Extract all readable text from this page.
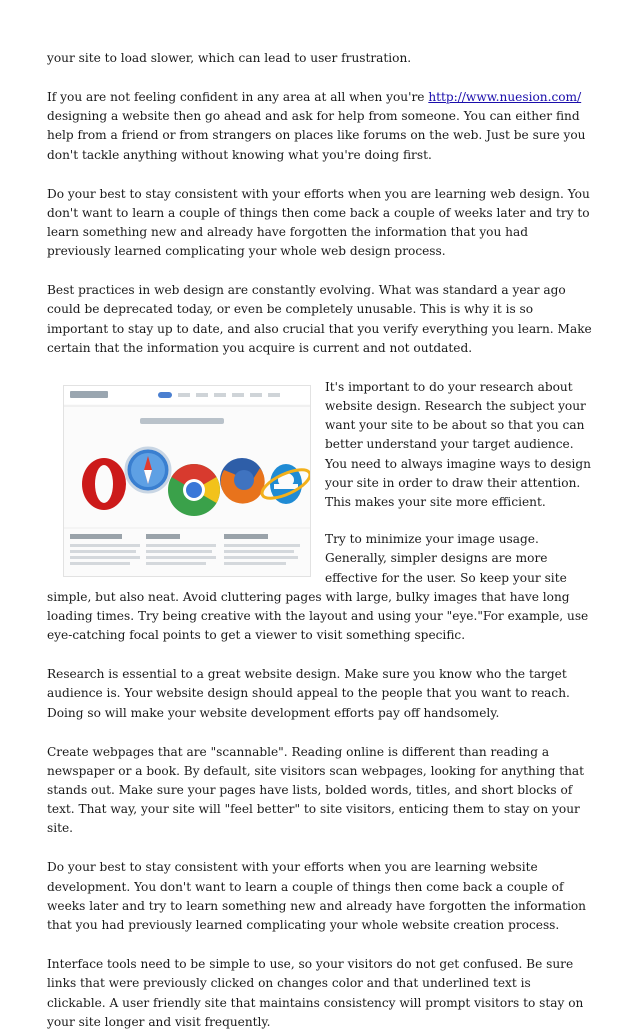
your site to load slower, which can lead to user frustration.

If you are not feeling confident in any area at all when you're http://www.nuesion.com/ designing a website then go ahead and ask for help from someone. You can either find help from a friend or from strangers on places like forums on the web. Just be sure you don't tackle anything without knowing what you're doing first.

Do your best to stay consistent with your efforts when you are learning web design. You don't want to learn a couple of things then come back a couple of weeks later and try to learn something new and already have forgotten the information that you had previously learned complicating your whole web design process.

Best practices in web design are constantly evolving. What was standard a year ago could be deprecated today, or even be completely unusable. This is why it is so important to stay up to date, and also crucial that you verify everything you learn. Make certain that the information you acquire is current and not outdated.

It's important to do your research about website design. Research the subject your want your site to be about so that you can better understand your target audience. You need to always imagine ways to design your site in order to draw their attention. This makes your site more efficient.

Try to minimize your image usage. Generally, simpler designs are more effective for the user. So keep your site simple, but also neat. Avoid cluttering pages with large, bulky images that have long loading times. Try being creative with the layout and using your "eye."For example, use eye-catching focal points to get a viewer to visit something specific.

Research is essential to a great website design. Make sure you know who the target audience is. Your website design should appeal to the people that you want to reach. Doing so will make your website development efforts pay off handsomely.

Create webpages that are "scannable". Reading online is different than reading a newspaper or a book. By default, site visitors scan webpages, looking for anything that stands out. Make sure your pages have lists, bolded words, titles, and short blocks of text. That way, your site will "feel better" to site visitors, enticing them to stay on your site.

Do your best to stay consistent with your efforts when you are learning website development. You don't want to learn a couple of things then come back a couple of weeks later and try to learn something new and already have forgotten the information that you had previously learned complicating your whole website creation process.

Interface tools need to be simple to use, so your visitors do not get confused. Be sure links that were previously clicked on changes color and that underlined text is clickable. A user friendly site that maintains consistency will prompt visitors to stay on your site longer and visit frequently.
